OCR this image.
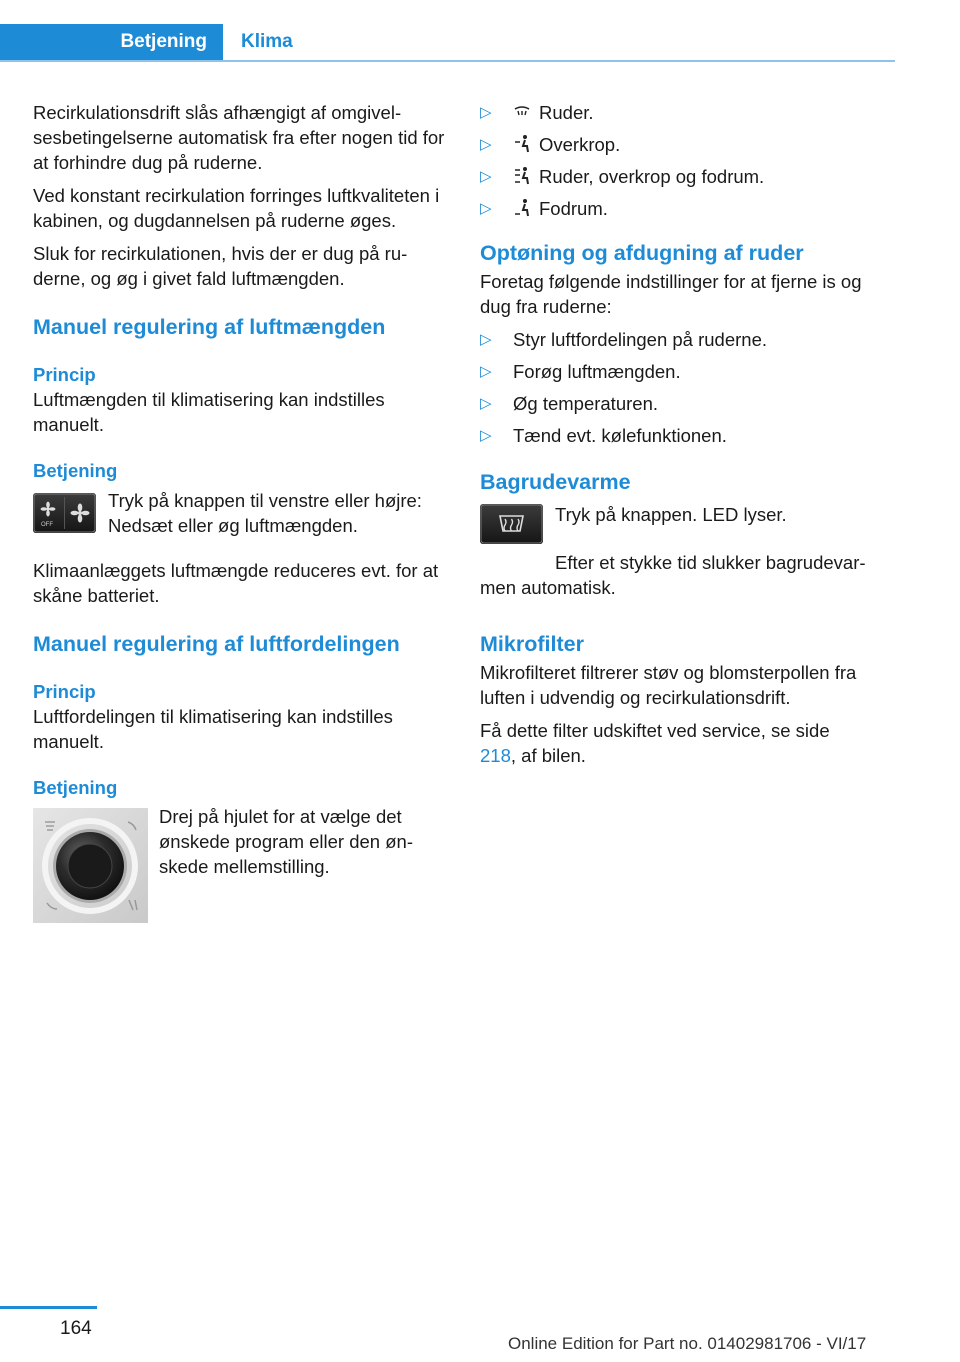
Betjening	Klima

Recirkulationsdrift slås afhængigt af omgivelsesbetingelserne automatisk fra efter nogen tid for at forhindre dug på ruderne.

Ved konstant recirkulation forringes luftkvaliteten i kabinen, og dugdannelsen på ruderne øges.

Sluk for recirkulationen, hvis der er dug på ruderne, og øg i givet fald luftmængden.

Manuel regulering af luftmængden
Princip

Luftmængden til klimatisering kan indstilles manuelt.

Betjening
OFF

Tryk på knappen til venstre eller højre:

Nedsæt eller øg luftmængden.

Klimaanlæggets luftmængde reduceres evt. for at skåne batteriet.

Manuel regulering af luftfordelingen
Princip

Luftfordelingen til klimatisering kan indstilles manuelt.

Betjening

Drej på hjulet for at vælge det ønskede program eller den ønskede mellemstilling.

▷	Ruder.
▷	Overkrop.
▷	Ruder, overkrop og fodrum.
▷	Fodrum.
Optøning og afdugning af ruder

Foretag følgende indstillinger for at fjerne is og dug fra ruderne:

▷ Styr luftfordelingen på ruderne.
▷ Forøg luftmængden.
▷ Øg temperaturen.
▷ Tænd evt. kølefunktionen.
Bagrudevarme

Tryk på knappen. LED lyser.

Efter et stykke tid slukker bagrudevarmen automatisk.

Mikrofilter

Mikrofilteret filtrerer støv og blomsterpollen fra luften i udvendig og recirkulationsdrift.

Få dette filter udskiftet ved service, se side 218, af bilen.

164
Online Edition for Part no. 01402981706 - VI/17
